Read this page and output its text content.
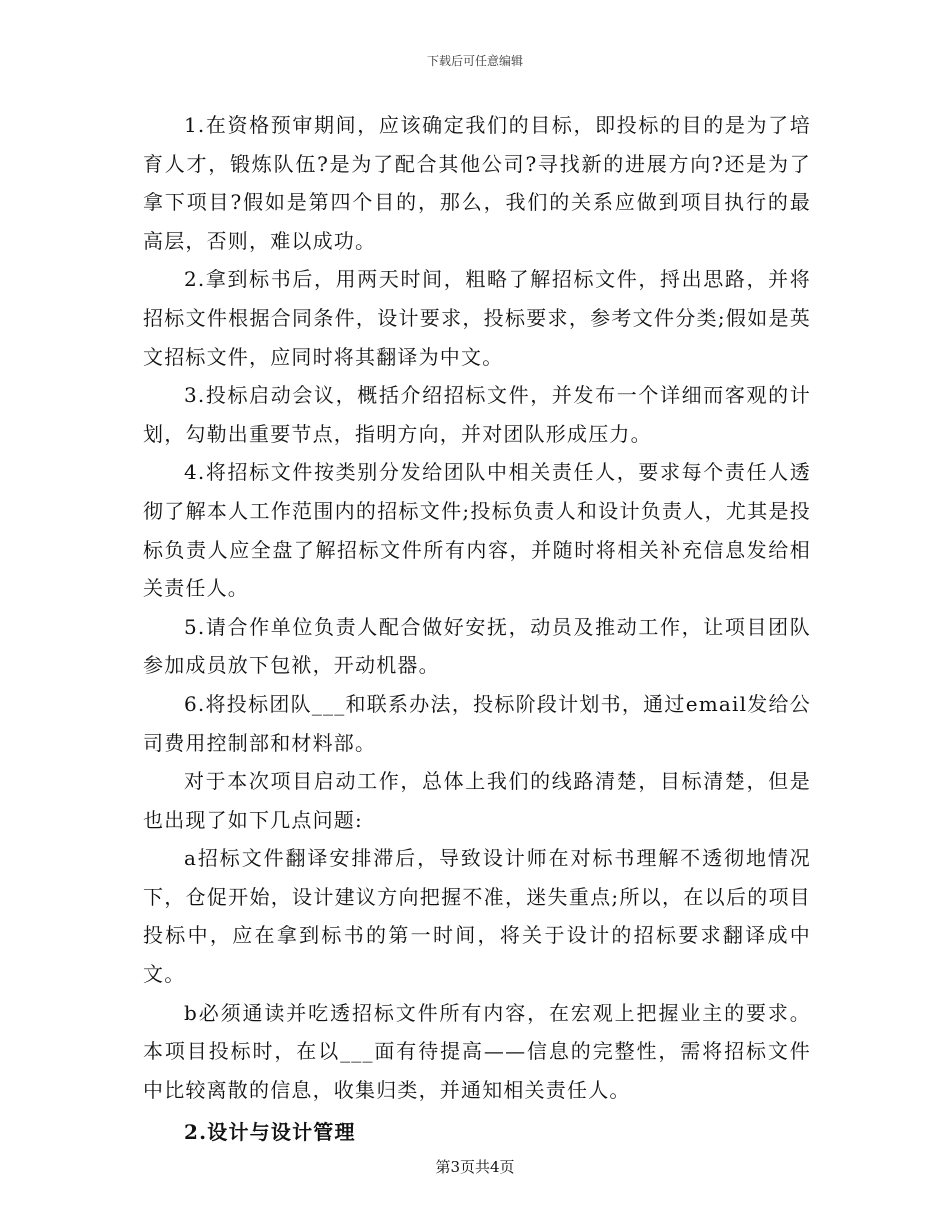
下载后可任意编辑

1.在资格预审期间，应该确定我们的目标，即投标的目的是为了培育人才，锻炼队伍?是为了配合其他公司?寻找新的进展方向?还是为了拿下项目?假如是第四个目的，那么，我们的关系应做到项目执行的最高层，否则，难以成功。

2.拿到标书后，用两天时间，粗略了解招标文件，捋出思路，并将招标文件根据合同条件，设计要求，投标要求，参考文件分类;假如是英文招标文件，应同时将其翻译为中文。

3.投标启动会议，概括介绍招标文件，并发布一个详细而客观的计划，勾勒出重要节点，指明方向，并对团队形成压力。

4.将招标文件按类别分发给团队中相关责任人，要求每个责任人透彻了解本人工作范围内的招标文件;投标负责人和设计负责人，尤其是投标负责人应全盘了解招标文件所有内容，并随时将相关补充信息发给相关责任人。

5.请合作单位负责人配合做好安抚，动员及推动工作，让项目团队参加成员放下包袱，开动机器。

6.将投标团队___和联系办法，投标阶段计划书，通过email发给公司费用控制部和材料部。

对于本次项目启动工作，总体上我们的线路清楚，目标清楚，但是也出现了如下几点问题:

a招标文件翻译安排滞后，导致设计师在对标书理解不透彻地情况下，仓促开始，设计建议方向把握不准，迷失重点;所以，在以后的项目投标中，应在拿到标书的第一时间，将关于设计的招标要求翻译成中文。

b必须通读并吃透招标文件所有内容，在宏观上把握业主的要求。本项目投标时，在以___面有待提高——信息的完整性，需将招标文件中比较离散的信息，收集归类，并通知相关责任人。

2.设计与设计管理
第3页共4页
